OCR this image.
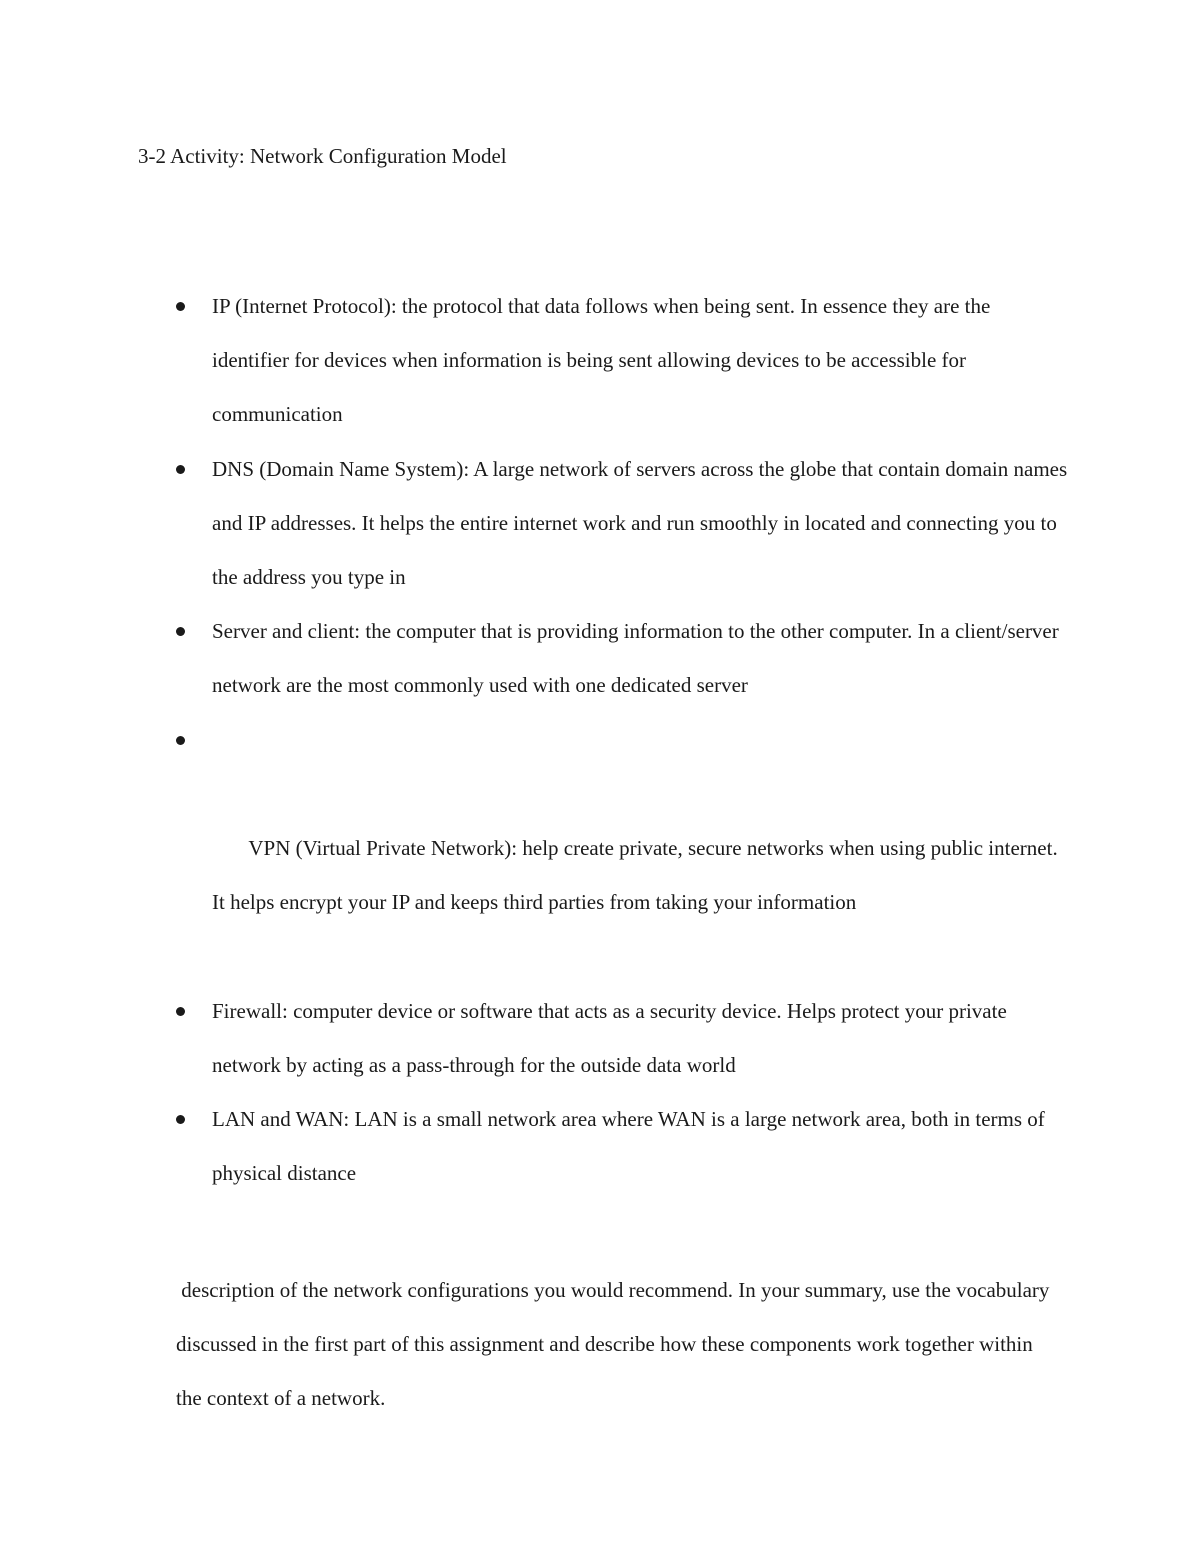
3-2 Activity: Network Configuration Model
IP (Internet Protocol): the protocol that data follows when being sent. In essence they are the identifier for devices when information is being sent allowing devices to be accessible for communication
DNS (Domain Name System): A large network of servers across the globe that contain domain names and IP addresses. It helps the entire internet work and run smoothly in located and connecting you to the address you type in
Server and client: the computer that is providing information to the other computer. In a client/server network are the most commonly used with one dedicated server

VPN (Virtual Private Network): help create private, secure networks when using public internet. It helps encrypt your IP and keeps third parties from taking your information

Firewall: computer device or software that acts as a security device. Helps protect your private network by acting as a pass-through for the outside data world
LAN and WAN: LAN is a small network area where WAN is a large network area, both in terms of physical distance

description of the network configurations you would recommend. In your summary, use the vocabulary discussed in the first part of this assignment and describe how these components work together within the context of a network.
